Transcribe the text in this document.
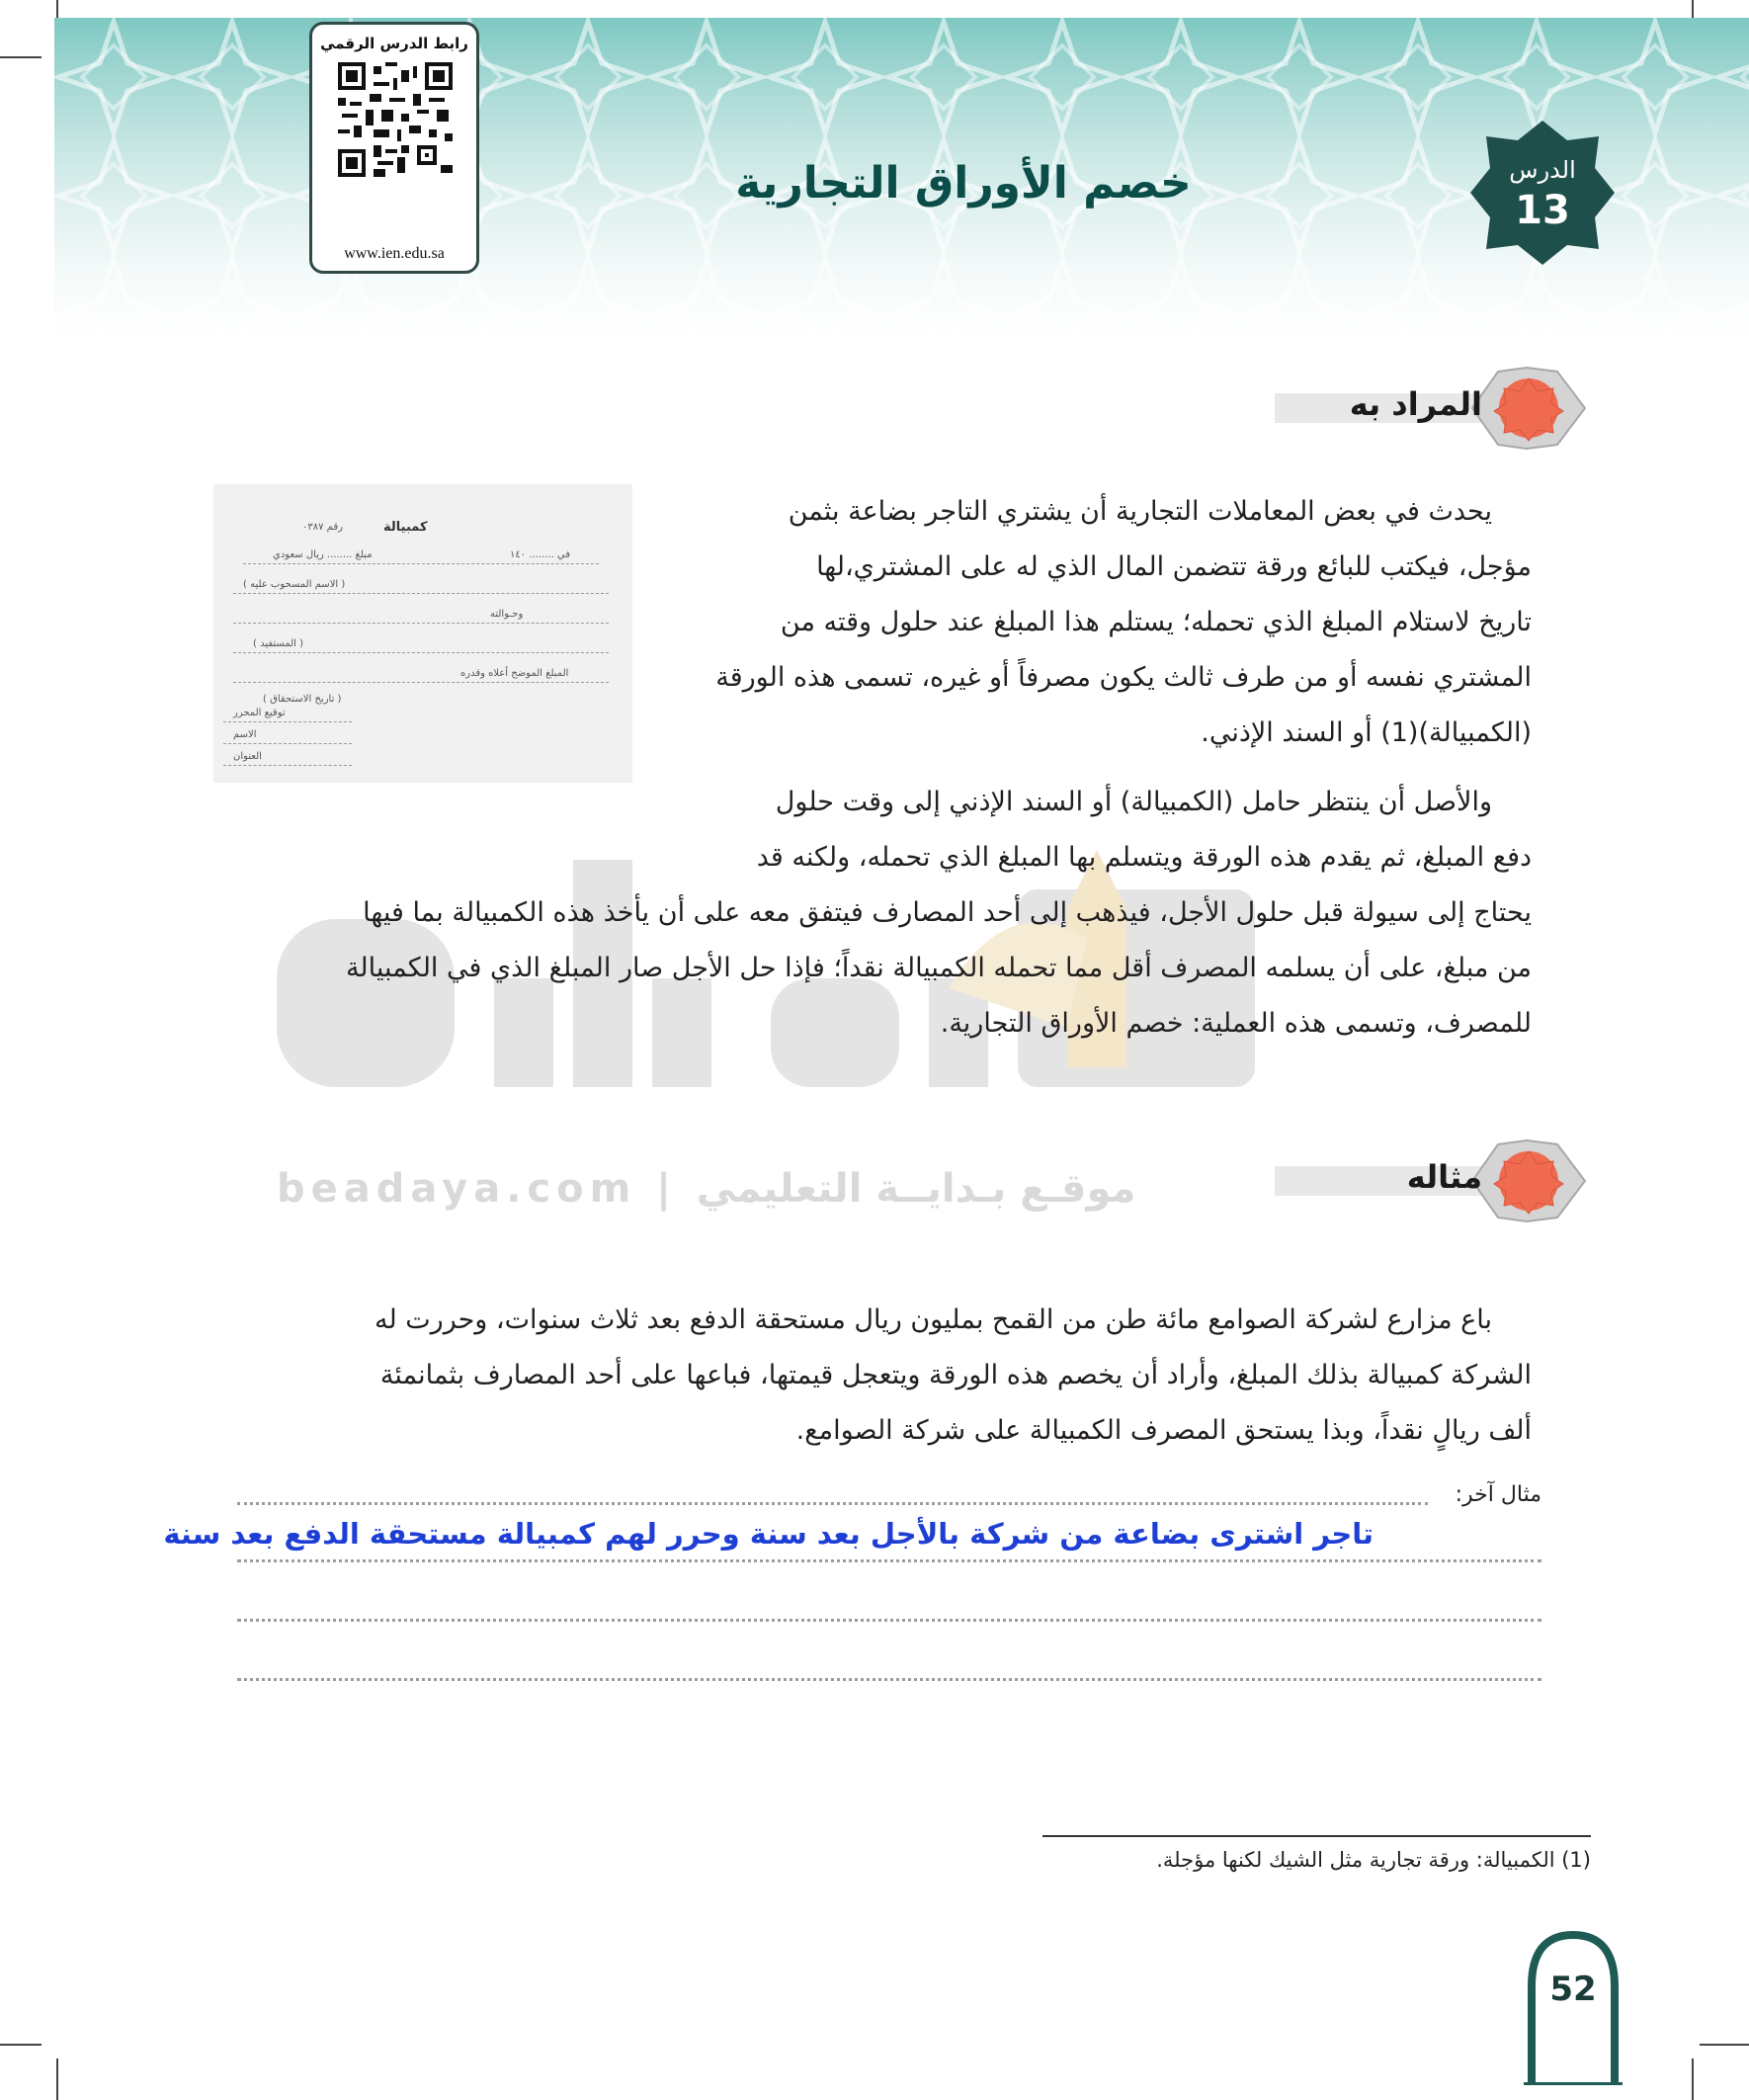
رابط الدرس الرقمي
www.ien.edu.sa
خصم الأوراق التجارية	الدرس
13
المراد به
كمبيالة
رقم ٠٣٨٧
في ........ ١٤٠
مبلغ ........ ريال سعودي
( الاسم المسحوب عليه )
وحـوالته
( المستفيد )
المبلغ الموضح أعلاه وقدره
( تاريخ الاستحقاق )
توقيع المحرر
الاسم
العنوان
beadaya.com | موقـع بـدايــة التعليمي
يحدث في بعض المعاملات التجارية أن يشتري التاجر بضاعة بثمن
مؤجل، فيكتب للبائع ورقة تتضمن المال الذي له على المشتري،لها
تاريخ لاستلام المبلغ الذي تحمله؛ يستلم هذا المبلغ عند حلول وقته من
المشتري نفسه أو من طرف ثالث يكون مصرفاً أو غيره، تسمى هذه الورقة
(الكمبيالة)(1) أو السند الإذني.
والأصل أن ينتظر حامل (الكمبيالة) أو السند الإذني إلى وقت حلول
دفع المبلغ، ثم يقدم هذه الورقة ويتسلم بها المبلغ الذي تحمله، ولكنه قد
يحتاج إلى سيولة قبل حلول الأجل، فيذهب إلى أحد المصارف فيتفق معه على أن يأخذ هذه الكمبيالة بما فيها
من مبلغ، على أن يسلمه المصرف أقل مما تحمله الكمبيالة نقداً؛ فإذا حل الأجل صار المبلغ الذي في الكمبيالة
للمصرف، وتسمى هذه العملية: خصم الأوراق التجارية.
مثاله
باع مزارع لشركة الصوامع مائة طن من القمح بمليون ريال مستحقة الدفع بعد ثلاث سنوات، وحررت له
الشركة كمبيالة بذلك المبلغ، وأراد أن يخصم هذه الورقة ويتعجل قيمتها، فباعها على أحد المصارف بثمانمئة
ألف ريالٍ نقداً، وبذا يستحق المصرف الكمبيالة على شركة الصوامع.
مثال آخر:
تاجر اشترى بضاعة من شركة بالأجل بعد سنة وحرر لهم كمبيالة مستحقة الدفع بعد سنة
(1) الكمبيالة: ورقة تجارية مثل الشيك لكنها مؤجلة.
52
